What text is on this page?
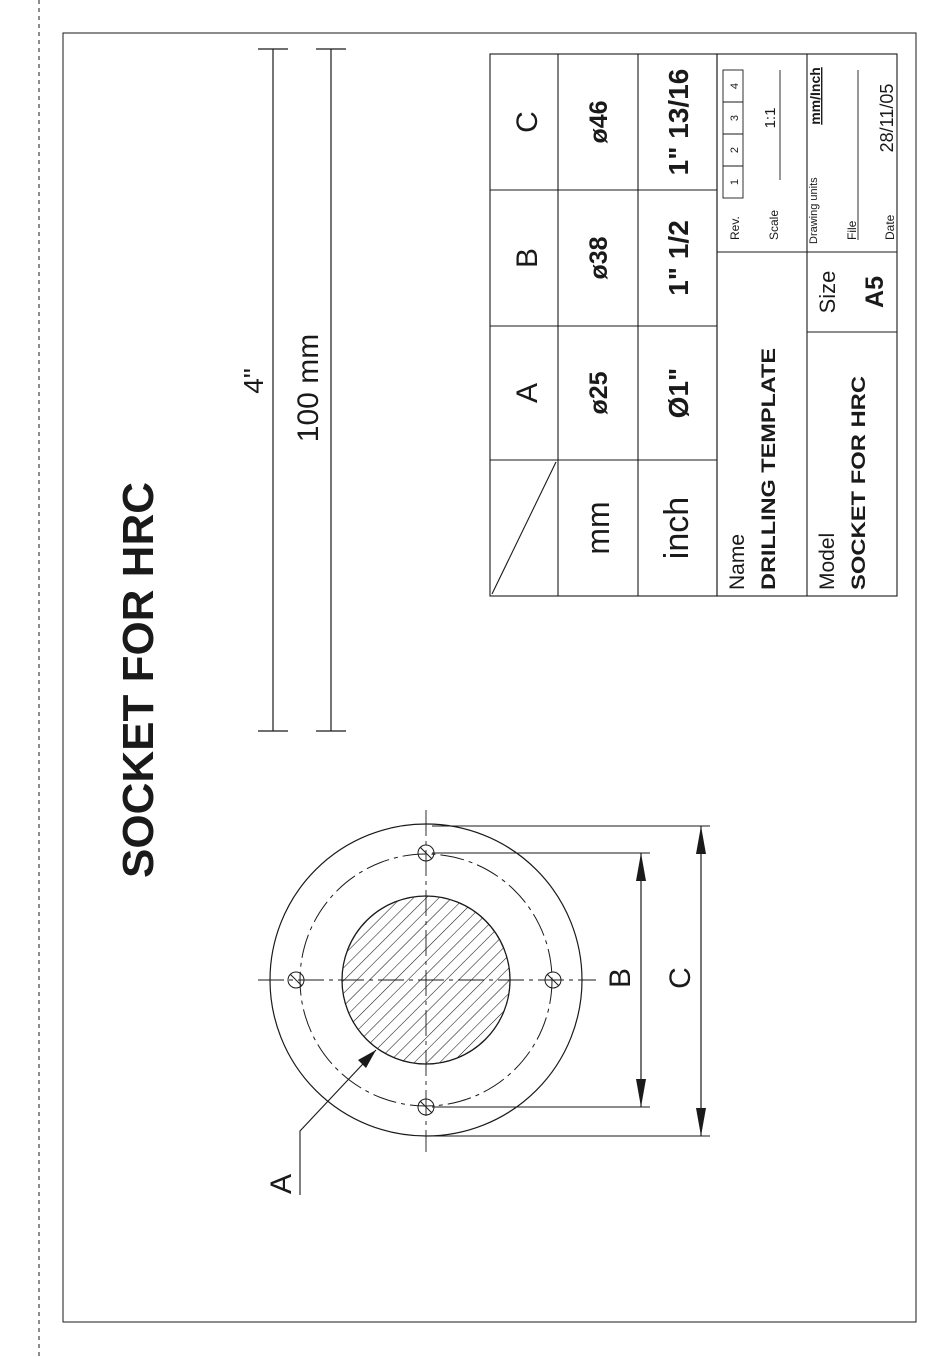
SOCKET FOR HRC
4" 100 mm
B C
A
A
B
C
mm
ø25
ø38
ø46
inch
Ø1"
1" 1/2
1" 13/16
Name DRILLING TEMPLATE Model SOCKET FOR HRC
Size A5
Rev.
1
2
3
4
Scale
1:1
Drawing units
mm/Inch
File Date
28/11/05
